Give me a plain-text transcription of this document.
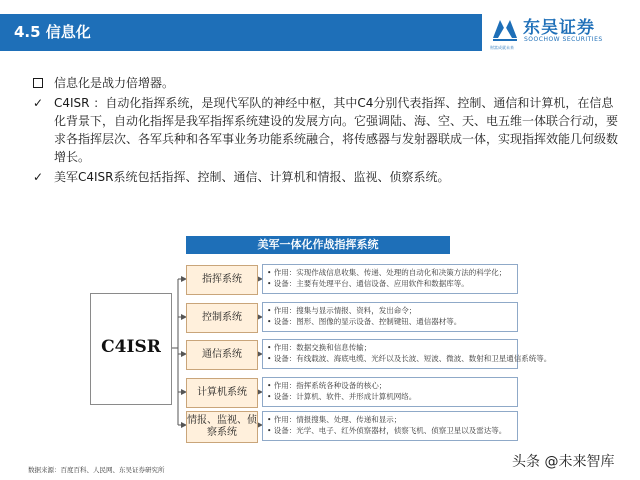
4.5 信息化	东吴证券
SOOCHOW SECURITIES
财富成就未来
信息化是战力倍增器。
✓ C4ISR ：自动化指挥系统，是现代军队的神经中枢，其中C4分别代表指挥、控制、通信和计算机，在信息化背景下，自动化指挥是我军指挥系统建设的发展方向。它强调陆、海、空、天、电五维一体联合行动，要求各指挥层次、各军兵种和各军事业务功能系统融合，将传感器与发射器联成一体，实现指挥效能几何级数增长。
✓ 美军C4ISR系统包括指挥、控制、通信、计算机和情报、监视、侦察系统。
美军一体化作战指挥系统
C4ISR
指挥系统
• 作用：实现作战信息收集、传递、处理的自动化和决策方法的科学化；
• 设备：主要有处理平台、通信设备、应用软件和数据库等。
控制系统
• 作用：搜集与显示情报、资料，发出命令；
• 设备：图形、图像的显示设备、控制键钮、通信器材等。
通信系统
• 作用：数据交换和信息传输；
• 设备：有线载波、海底电缆、光纤以及长波、短波、微波、数射和卫星通信系统等。
计算机系统
• 作用：指挥系统各种设备的核心；
• 设备：计算机、软件、并形成计算机网络。
情报、监视、侦察系统
• 作用：情报搜集、处理、传递和显示；
• 设备：光学、电子、红外侦察器材，侦察飞机、侦察卫星以及雷达等。
数据来源：百度百科、人民网、东吴证券研究所	头条 @未来智库
